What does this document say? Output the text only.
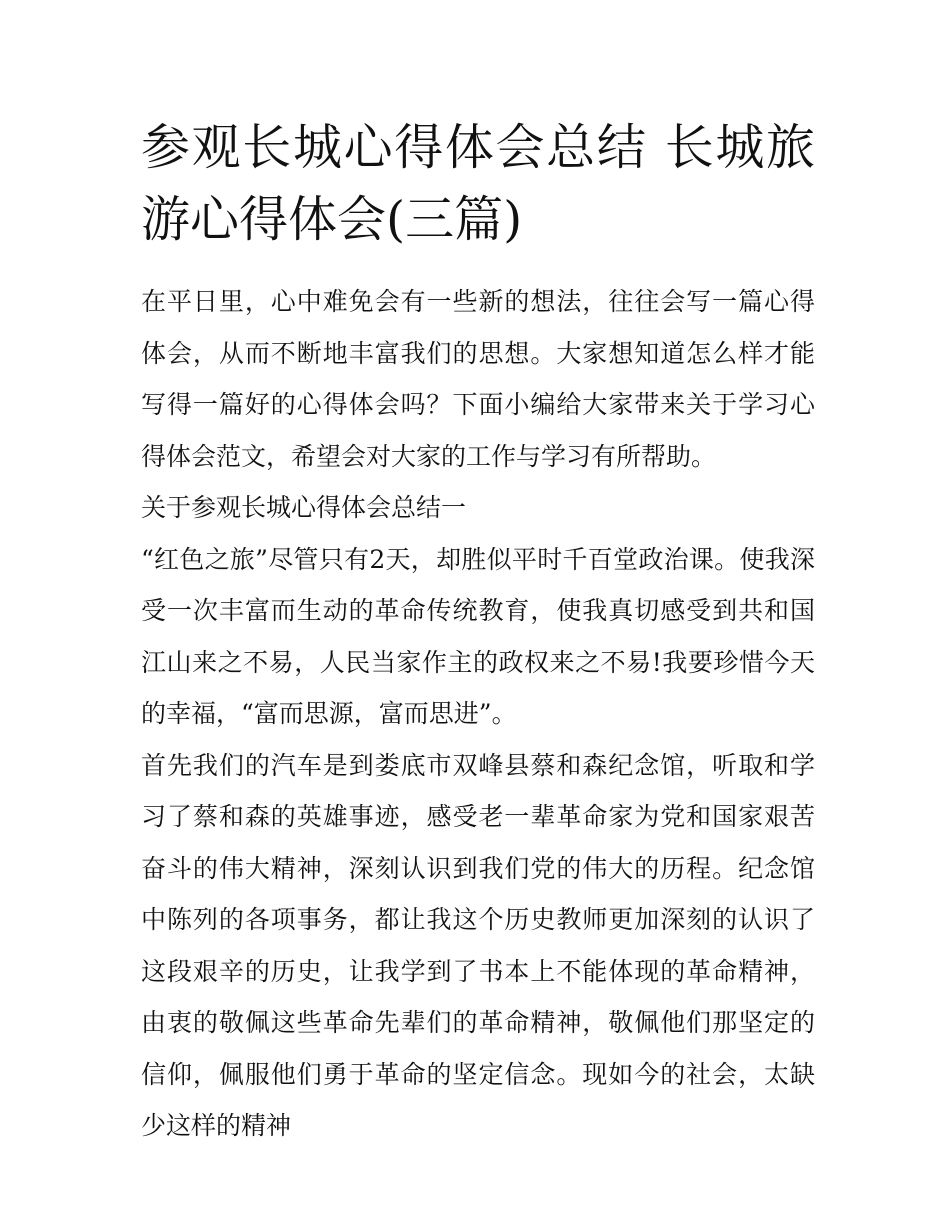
参观长城心得体会总结 长城旅游心得体会(三篇)

在平日里，心中难免会有一些新的想法，往往会写一篇心得体会，从而不断地丰富我们的思想。大家想知道怎么样才能写得一篇好的心得体会吗？下面小编给大家带来关于学习心得体会范文，希望会对大家的工作与学习有所帮助。

关于参观长城心得体会总结一

“红色之旅”尽管只有2天，却胜似平时千百堂政治课。使我深受一次丰富而生动的革命传统教育，使我真切感受到共和国江山来之不易，人民当家作主的政权来之不易!我要珍惜今天的幸福，“富而思源，富而思进”。

首先我们的汽车是到娄底市双峰县蔡和森纪念馆，听取和学习了蔡和森的英雄事迹，感受老一辈革命家为党和国家艰苦奋斗的伟大精神，深刻认识到我们党的伟大的历程。纪念馆中陈列的各项事务，都让我这个历史教师更加深刻的认识了这段艰辛的历史，让我学到了书本上不能体现的革命精神，由衷的敬佩这些革命先辈们的革命精神，敬佩他们那坚定的信仰，佩服他们勇于革命的坚定信念。现如今的社会，太缺少这样的精神
